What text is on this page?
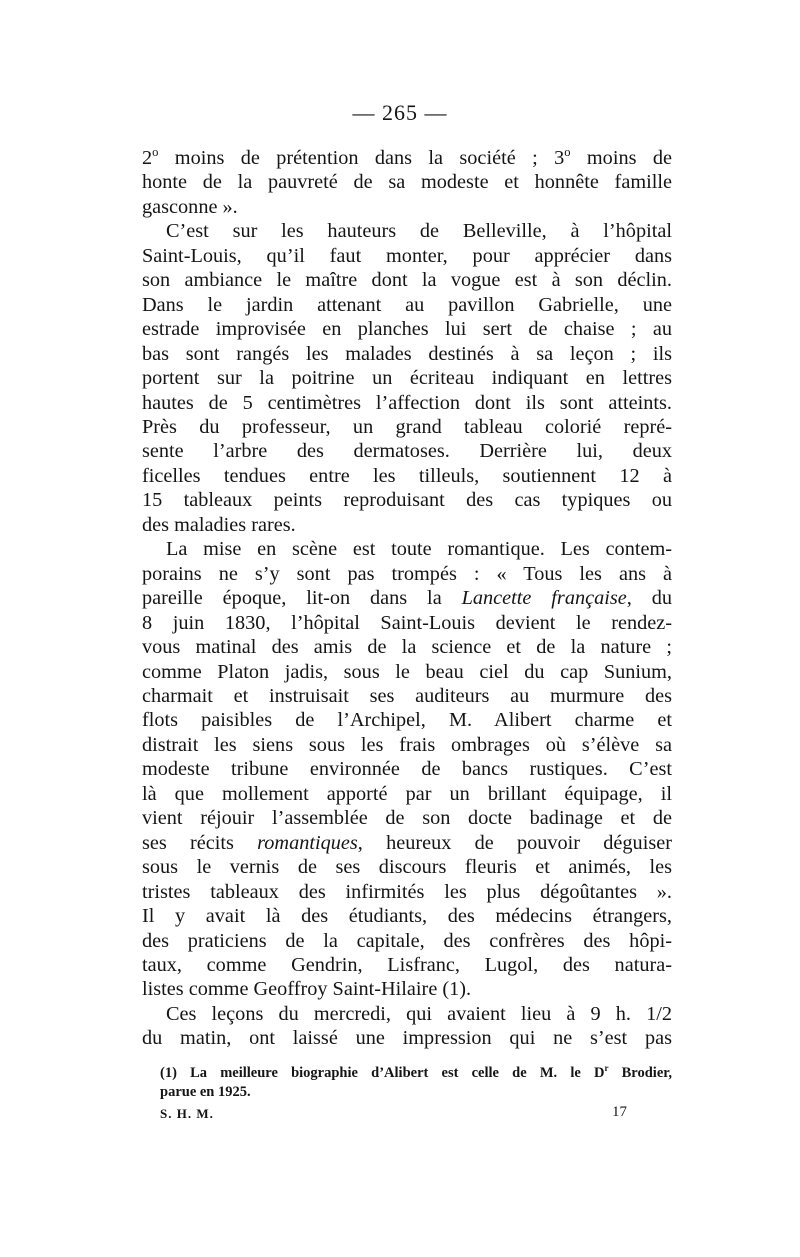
— 265 —
2$^o$ moins de prétention dans la société ; 3$^o$ moins de
honte de la pauvreté de sa modeste et honnête famille
gasconne ».
C’est sur les hauteurs de Belleville, à l’hôpital
Saint-Louis, qu’il faut monter, pour apprécier dans
son ambiance le maître dont la vogue est à son déclin.
Dans le jardin attenant au pavillon Gabrielle, une
estrade improvisée en planches lui sert de chaise ; au
bas sont rangés les malades destinés à sa leçon ; ils
portent sur la poitrine un écriteau indiquant en lettres
hautes de 5 centimètres l’affection dont ils sont atteints.
Près du professeur, un grand tableau colorié repré-
sente l’arbre des dermatoses. Derrière lui, deux
ficelles tendues entre les tilleuls, soutiennent 12 à
15 tableaux peints reproduisant des cas typiques ou
des maladies rares.
La mise en scène est toute romantique. Les contem-
porains ne s’y sont pas trompés : « Tous les ans à
pareille époque, lit-on dans la Lancette française, du
8 juin 1830, l’hôpital Saint-Louis devient le rendez-
vous matinal des amis de la science et de la nature ;
comme Platon jadis, sous le beau ciel du cap Sunium,
charmait et instruisait ses auditeurs au murmure des
flots paisibles de l’Archipel, M. Alibert charme et
distrait les siens sous les frais ombrages où s’élève sa
modeste tribune environnée de bancs rustiques. C’est
là que mollement apporté par un brillant équipage, il
vient réjouir l’assemblée de son docte badinage et de
ses récits romantiques, heureux de pouvoir déguiser
sous le vernis de ses discours fleuris et animés, les
tristes tableaux des infirmités les plus dégoûtantes ».
Il y avait là des étudiants, des médecins étrangers,
des praticiens de la capitale, des confrères des hôpi-
taux, comme Gendrin, Lisfranc, Lugol, des natura-
listes comme Geoffroy Saint-Hilaire (1).
Ces leçons du mercredi, qui avaient lieu à 9 h. 1/2
du matin, ont laissé une impression qui ne s’est pas
(1) La meilleure biographie d’Alibert est celle de M. le $D^r$ Brodier,
parue en 1925.
S. H. M.	17
